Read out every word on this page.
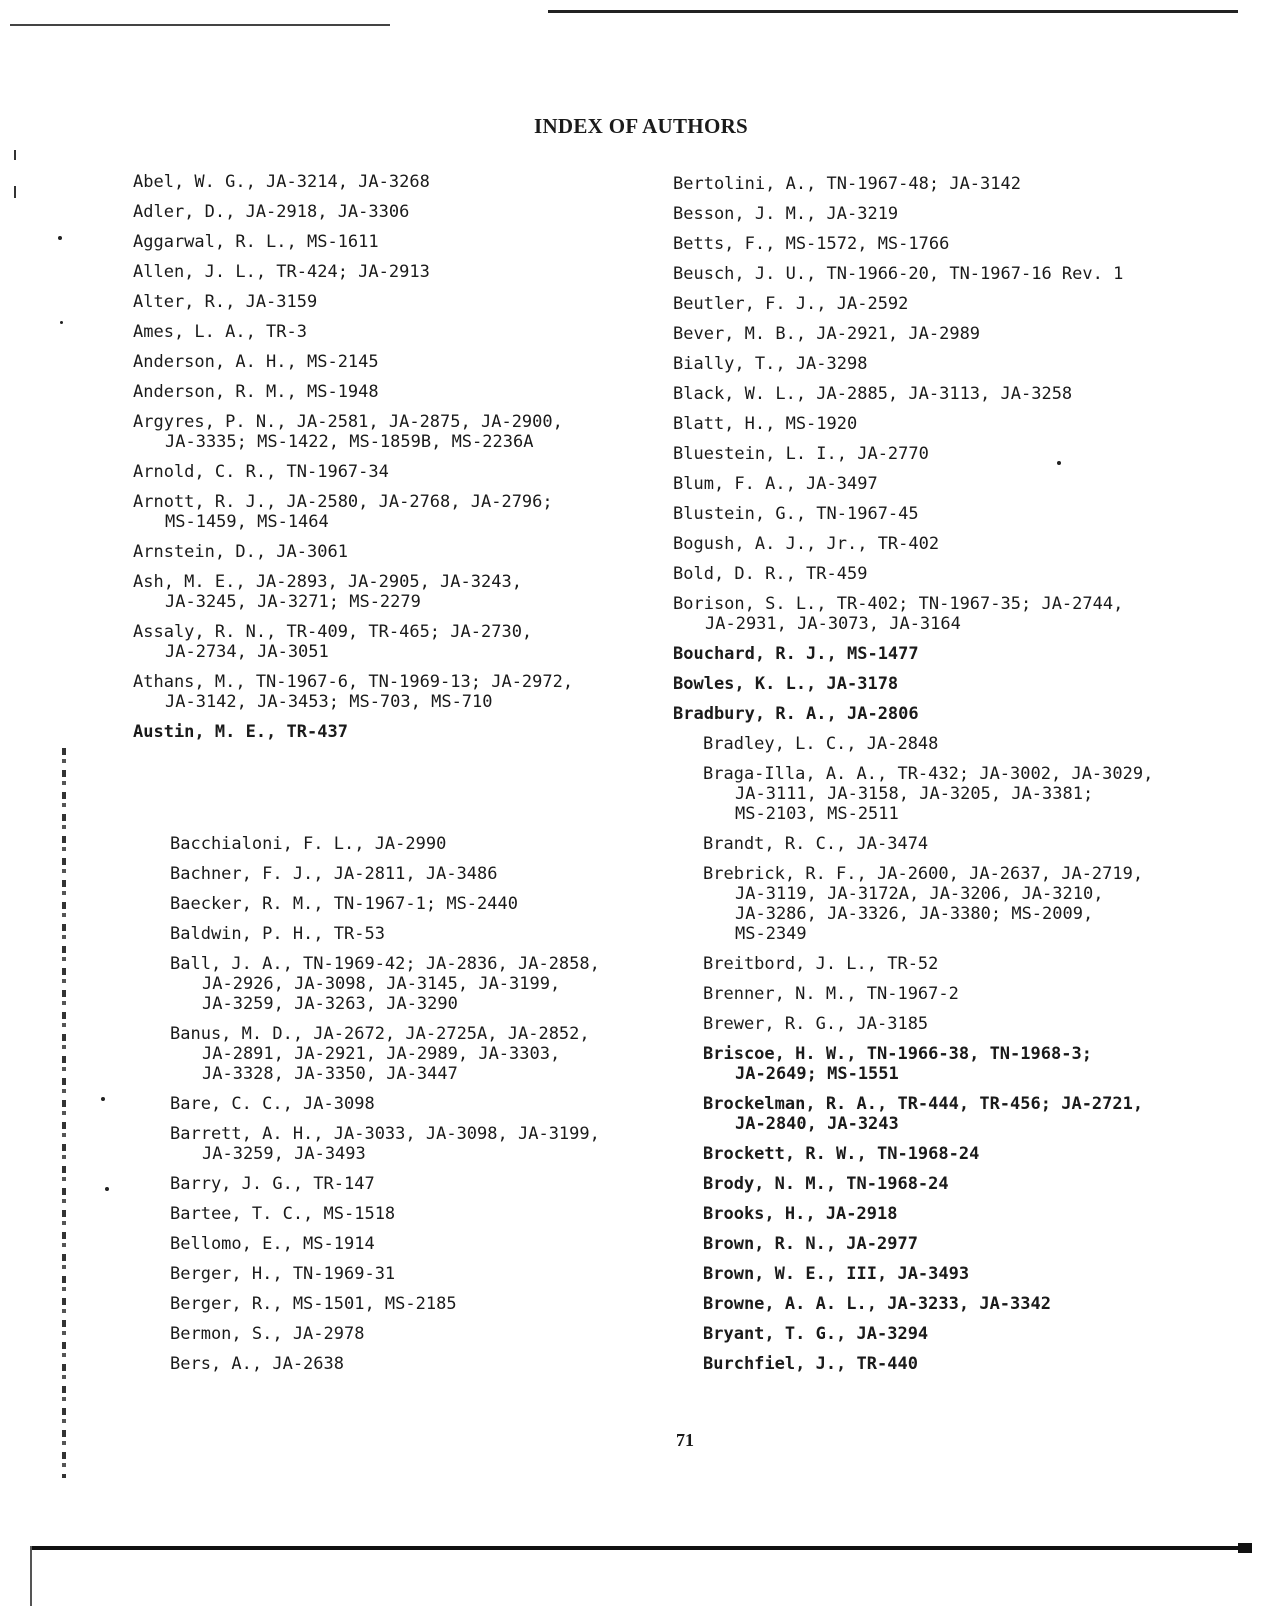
INDEX OF AUTHORS
Abel, W. G., JA-3214, JA-3268
Adler, D., JA-2918, JA-3306
Aggarwal, R. L., MS-1611
Allen, J. L., TR-424; JA-2913
Alter, R., JA-3159
Ames, L. A., TR-3
Anderson, A. H., MS-2145
Anderson, R. M., MS-1948
Argyres, P. N., JA-2581, JA-2875, JA-2900,
JA-3335; MS-1422, MS-1859B, MS-2236A
Arnold, C. R., TN-1967-34
Arnott, R. J., JA-2580, JA-2768, JA-2796;
MS-1459, MS-1464
Arnstein, D., JA-3061
Ash, M. E., JA-2893, JA-2905, JA-3243,
JA-3245, JA-3271; MS-2279
Assaly, R. N., TR-409, TR-465; JA-2730,
JA-2734, JA-3051
Athans, M., TN-1967-6, TN-1969-13; JA-2972,
JA-3142, JA-3453; MS-703, MS-710
Austin, M. E., TR-437
Bacchialoni, F. L., JA-2990
Bachner, F. J., JA-2811, JA-3486
Baecker, R. M., TN-1967-1; MS-2440
Baldwin, P. H., TR-53
Ball, J. A., TN-1969-42; JA-2836, JA-2858,
JA-2926, JA-3098, JA-3145, JA-3199,
JA-3259, JA-3263, JA-3290
Banus, M. D., JA-2672, JA-2725A, JA-2852,
JA-2891, JA-2921, JA-2989, JA-3303,
JA-3328, JA-3350, JA-3447
Bare, C. C., JA-3098
Barrett, A. H., JA-3033, JA-3098, JA-3199,
JA-3259, JA-3493
Barry, J. G., TR-147
Bartee, T. C., MS-1518
Bellomo, E., MS-1914
Berger, H., TN-1969-31
Berger, R., MS-1501, MS-2185
Bermon, S., JA-2978
Bers, A., JA-2638
Bertolini, A., TN-1967-48; JA-3142
Besson, J. M., JA-3219
Betts, F., MS-1572, MS-1766
Beusch, J. U., TN-1966-20, TN-1967-16 Rev. 1
Beutler, F. J., JA-2592
Bever, M. B., JA-2921, JA-2989
Bially, T., JA-3298
Black, W. L., JA-2885, JA-3113, JA-3258
Blatt, H., MS-1920
Bluestein, L. I., JA-2770
Blum, F. A., JA-3497
Blustein, G., TN-1967-45
Bogush, A. J., Jr., TR-402
Bold, D. R., TR-459
Borison, S. L., TR-402; TN-1967-35; JA-2744,
JA-2931, JA-3073, JA-3164
Bouchard, R. J., MS-1477
Bowles, K. L., JA-3178
Bradbury, R. A., JA-2806
Bradley, L. C., JA-2848
Braga-Illa, A. A., TR-432; JA-3002, JA-3029,
JA-3111, JA-3158, JA-3205, JA-3381;
MS-2103, MS-2511
Brandt, R. C., JA-3474
Brebrick, R. F., JA-2600, JA-2637, JA-2719,
JA-3119, JA-3172A, JA-3206, JA-3210,
JA-3286, JA-3326, JA-3380; MS-2009,
MS-2349
Breitbord, J. L., TR-52
Brenner, N. M., TN-1967-2
Brewer, R. G., JA-3185
Briscoe, H. W., TN-1966-38, TN-1968-3;
JA-2649; MS-1551
Brockelman, R. A., TR-444, TR-456; JA-2721,
JA-2840, JA-3243
Brockett, R. W., TN-1968-24
Brody, N. M., TN-1968-24
Brooks, H., JA-2918
Brown, R. N., JA-2977
Brown, W. E., III, JA-3493
Browne, A. A. L., JA-3233, JA-3342
Bryant, T. G., JA-3294
Burchfiel, J., TR-440
71
